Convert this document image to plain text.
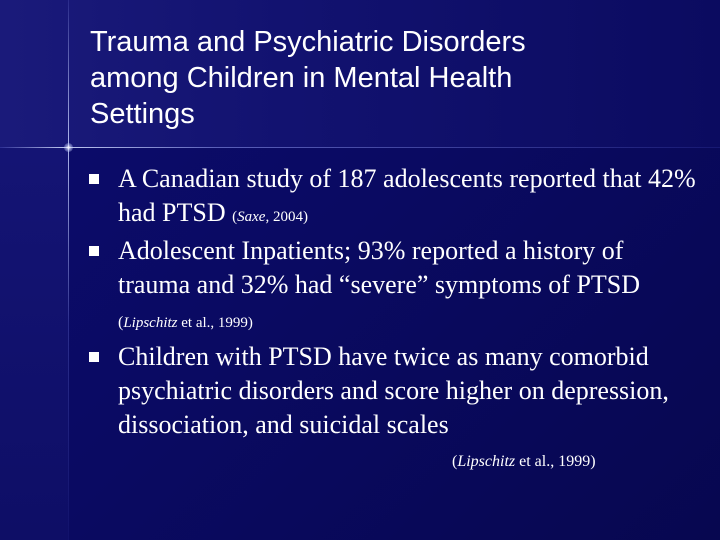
Trauma and Psychiatric Disorders
among Children in Mental Health
Settings
A Canadian study of 187 adolescents reported that 42% had PTSD (Saxe, 2004)
Adolescent Inpatients; 93% reported a history of trauma and 32% had “severe” symptoms of PTSD (Lipschitz et al., 1999)
Children with PTSD have twice as many comorbid psychiatric disorders and score higher on depression, dissociation, and suicidal scales
(Lipschitz et al., 1999)
